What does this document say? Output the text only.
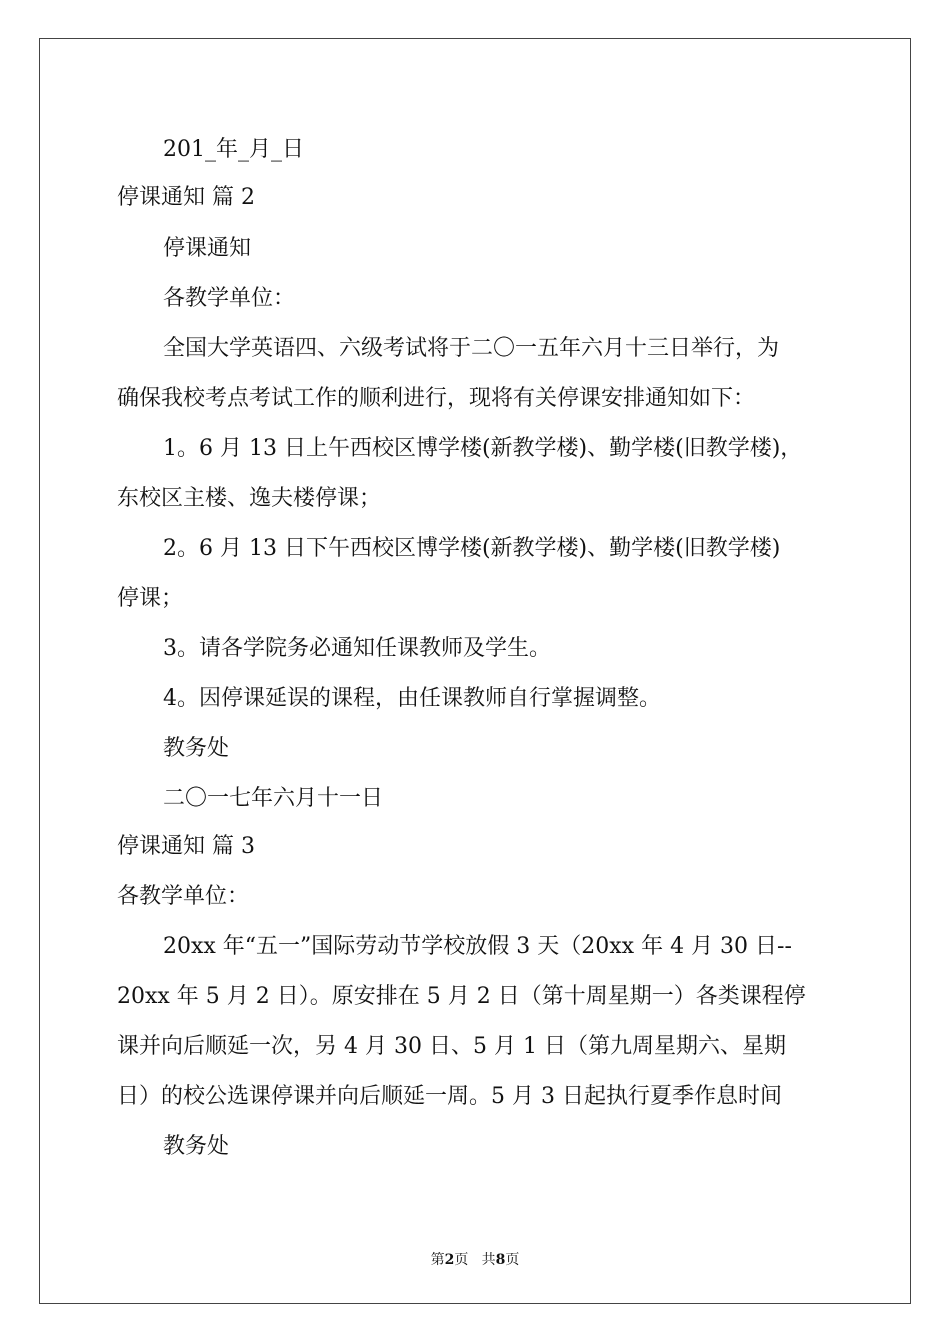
201_年_月_日
停课通知 篇 2
停课通知
各教学单位：
全国大学英语四、六级考试将于二〇一五年六月十三日举行，为
确保我校考点考试工作的顺利进行，现将有关停课安排通知如下：
1。6 月 13 日上午西校区博学楼(新教学楼)、勤学楼(旧教学楼)，
东校区主楼、逸夫楼停课；
2。6 月 13 日下午西校区博学楼(新教学楼)、勤学楼(旧教学楼)
停课；
3。请各学院务必通知任课教师及学生。
4。因停课延误的课程，由任课教师自行掌握调整。
教务处
二〇一七年六月十一日
停课通知 篇 3
各教学单位：
20xx 年“五一”国际劳动节学校放假 3 天（20xx 年 4 月 30 日--
20xx 年 5 月 2 日）。原安排在 5 月 2 日（第十周星期一）各类课程停
课并向后顺延一次，另 4 月 30 日、5 月 1 日（第九周星期六、星期
日）的校公选课停课并向后顺延一周。5 月 3 日起执行夏季作息时间
教务处
第2页 共8页
